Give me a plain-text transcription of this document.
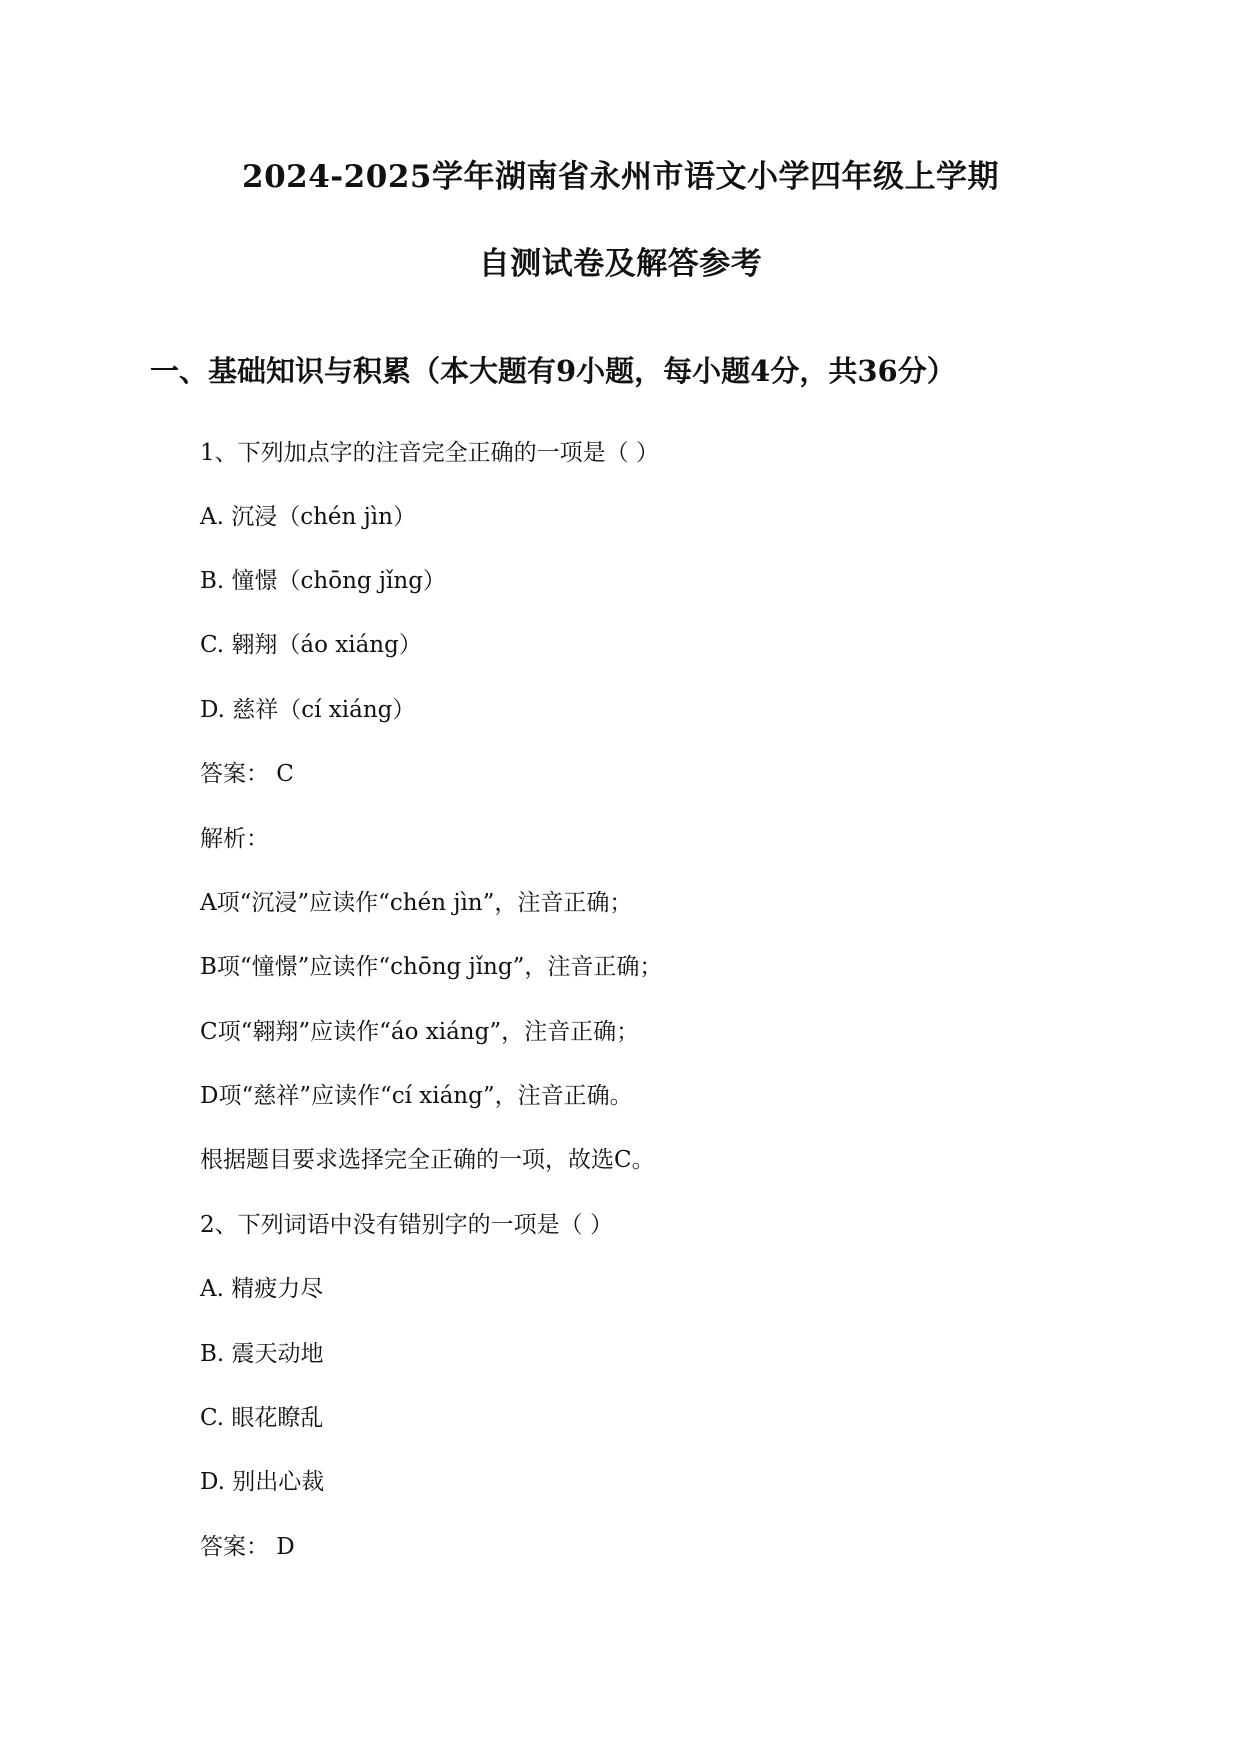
2024-2025学年湖南省永州市语文小学四年级上学期
自测试卷及解答参考
一、基础知识与积累（本大题有9小题，每小题4分，共36分）
1、下列加点字的注音完全正确的一项是（ ）
A. 沉浸（chén jìn）
B. 憧憬（chōng jǐng）
C. 翱翔（áo xiáng）
D. 慈祥（cí xiáng）
答案： C
解析：
A项“沉浸”应读作“chén jìn”，注音正确；
B项“憧憬”应读作“chōng jǐng”，注音正确；
C项“翱翔”应读作“áo xiáng”，注音正确；
D项“慈祥”应读作“cí xiáng”，注音正确。
根据题目要求选择完全正确的一项，故选C。
2、下列词语中没有错别字的一项是（ ）
A. 精疲力尽
B. 震天动地
C. 眼花瞭乱
D. 别出心裁
答案： D
